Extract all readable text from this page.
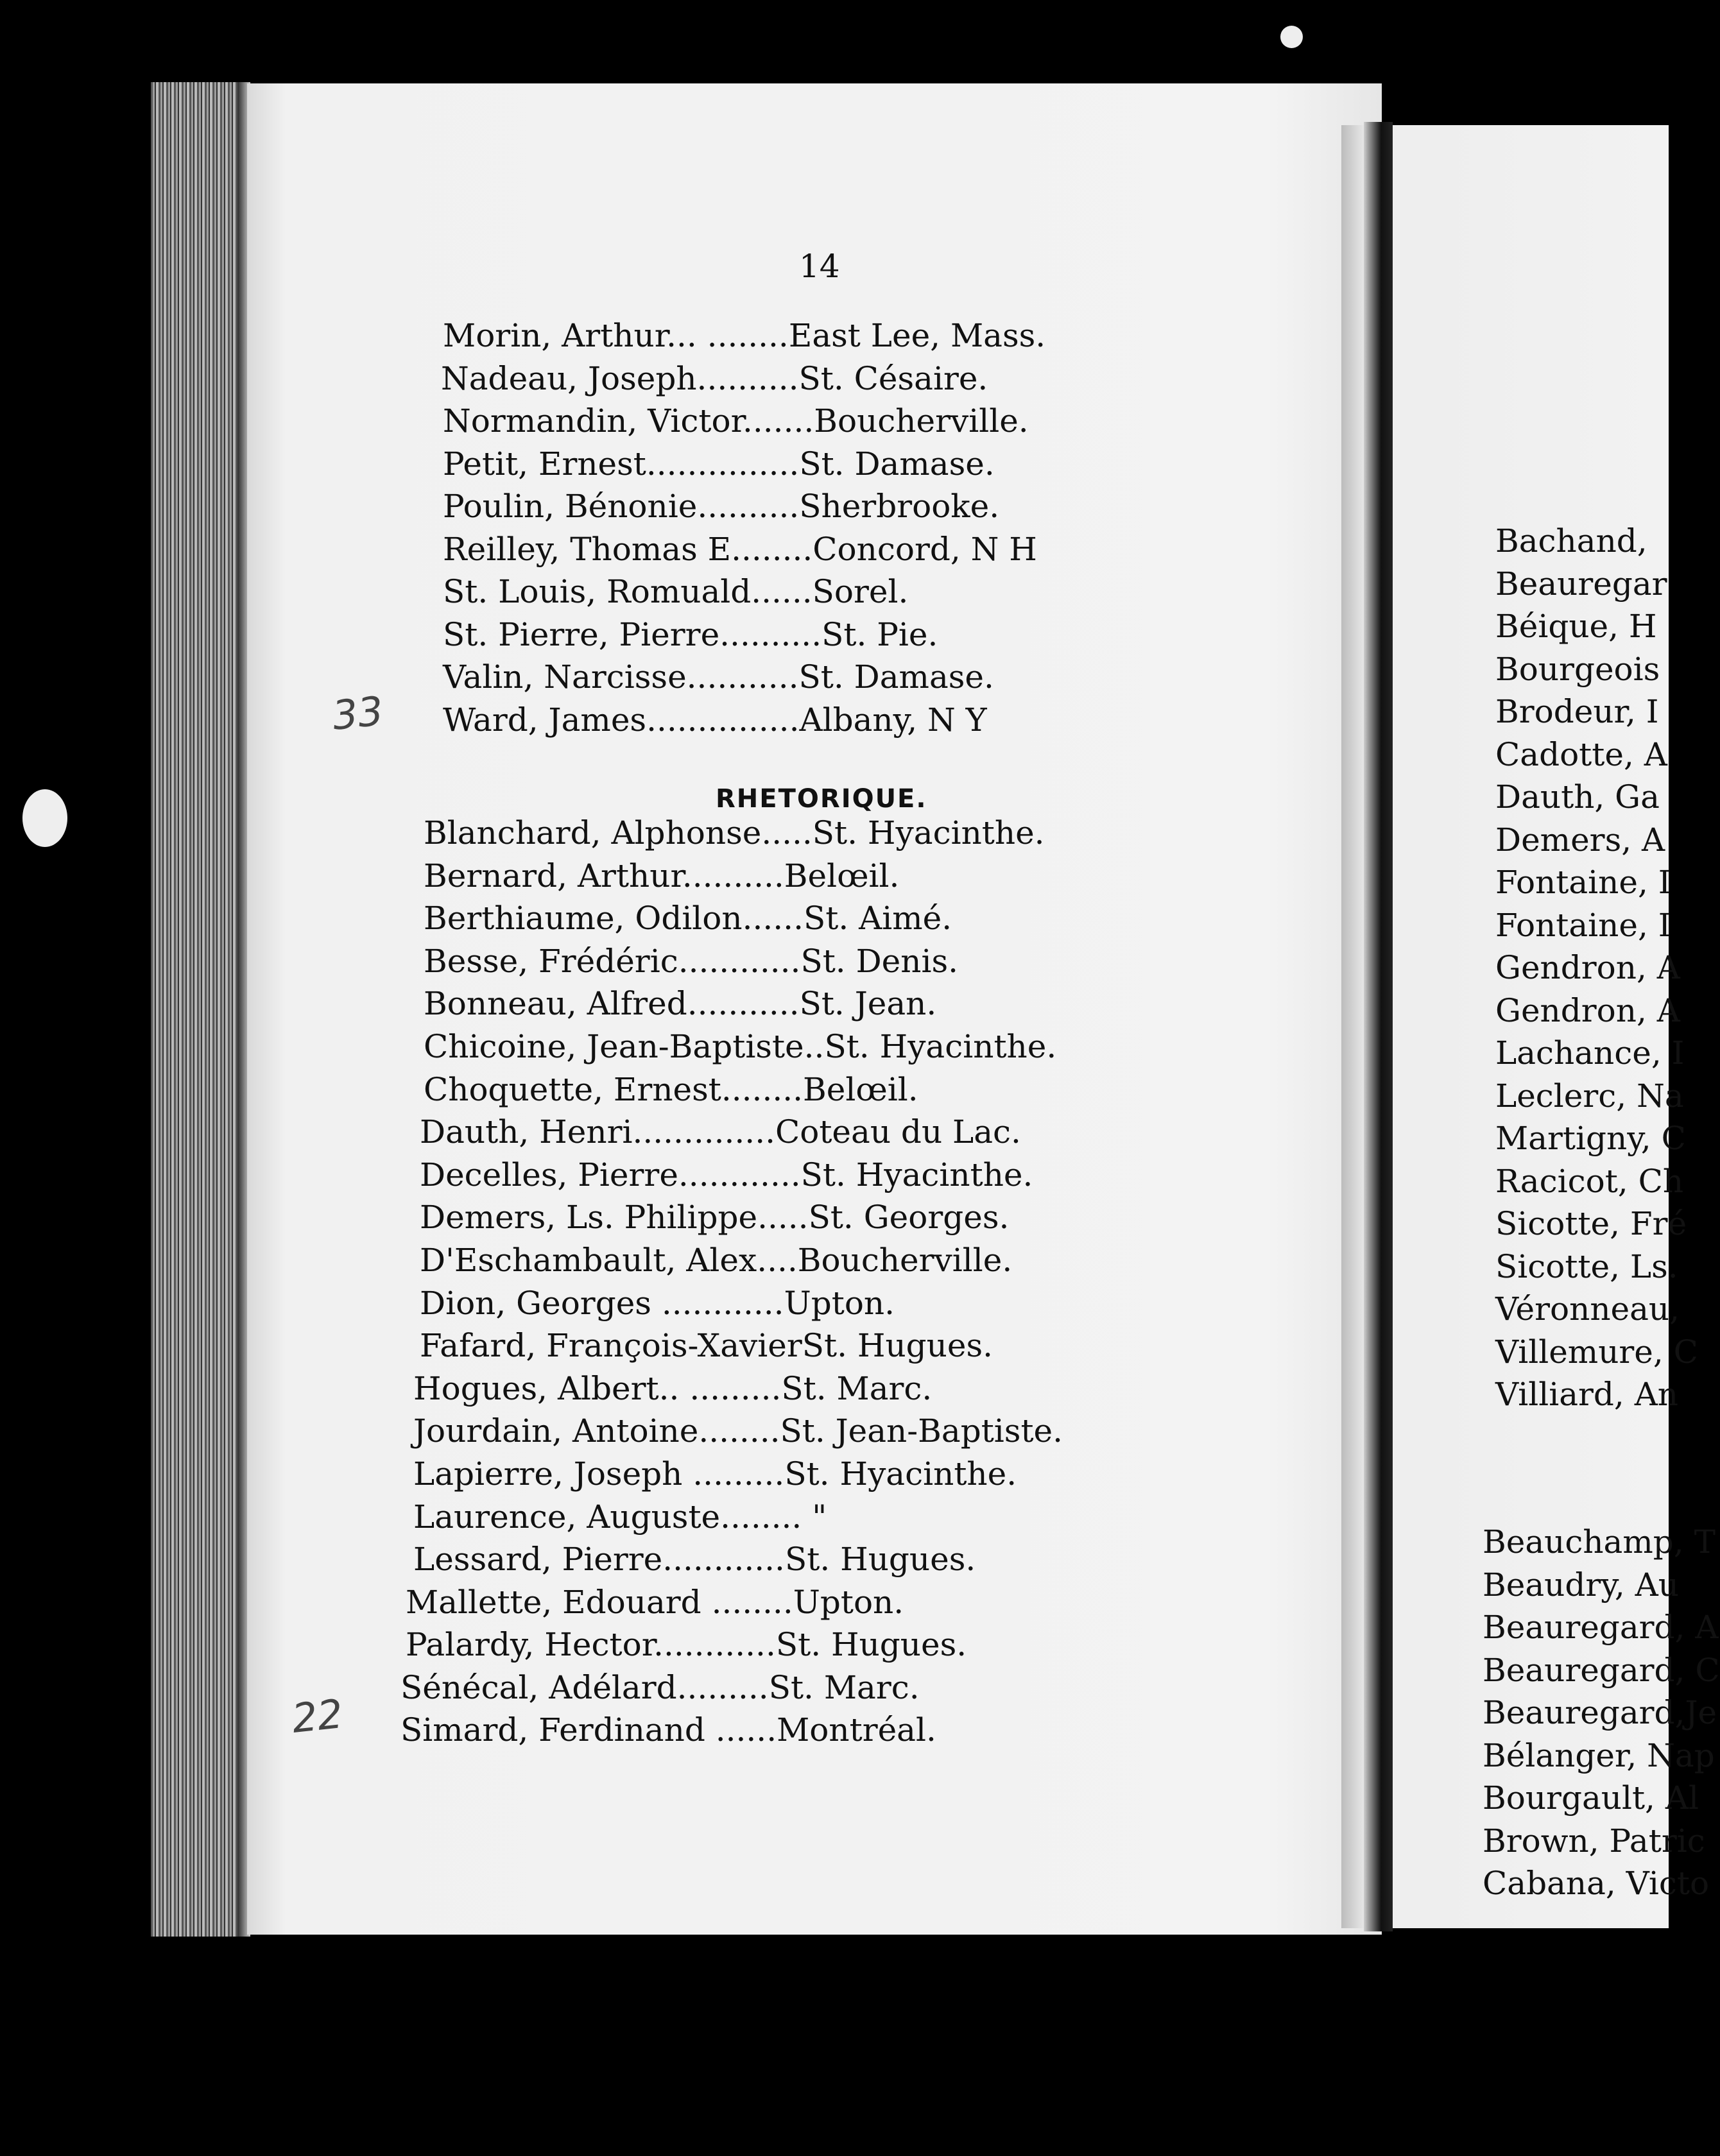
Bachand,
Beauregar
Béique, H
Bourgeois
Brodeur, I
Cadotte, A
Dauth, Ga
Demers, A
Fontaine, I
Fontaine, I
Gendron, A
Gendron, A
Lachance, I
Leclerc, Na
Martigny, C
Racicot, Ch
Sicotte, Fré
Sicotte, Ls.
Véronneau,
Villemure, C
Villiard, An
Beauchamp, T
Beaudry, Au
Beauregard, A
Beauregard, C
Beauregard,Je
Bélanger, Nap
Bourgault, Al
Brown, Patric
Cabana, Victo
14
Morin, Arthur... ........East Lee, Mass.
Nadeau, Joseph..........St. Césaire.
Normandin, Victor.......Boucherville.
Petit, Ernest...............St. Damase.
Poulin, Bénonie..........Sherbrooke.
Reilley, Thomas E........Concord, N H
St. Louis, Romuald......Sorel.
St. Pierre, Pierre..........St. Pie.
Valin, Narcisse...........St. Damase.
Ward, James...............Albany, N Y
RHETORIQUE.
Blanchard, Alphonse.....St. Hyacinthe.
Bernard, Arthur..........Belœil.
Berthiaume, Odilon......St. Aimé.
Besse, Frédéric............St. Denis.
Bonneau, Alfred...........St. Jean.
Chicoine, Jean-Baptiste..St. Hyacinthe.
Choquette, Ernest........Belœil.
Dauth, Henri..............Coteau du Lac.
Decelles, Pierre............St. Hyacinthe.
Demers, Ls. Philippe.....St. Georges.
D'Eschambault, Alex....Boucherville.
Dion, Georges ............Upton.
Fafard, François-XavierSt. Hugues.
Hogues, Albert.. .........St. Marc.
Jourdain, Antoine........St. Jean-Baptiste.
Lapierre, Joseph .........St. Hyacinthe.
Laurence, Auguste........ "
Lessard, Pierre............St. Hugues.
Mallette, Edouard ........Upton.
Palardy, Hector............St. Hugues.
Sénécal, Adélard.........St. Marc.
Simard, Ferdinand ......Montréal.
33
22
